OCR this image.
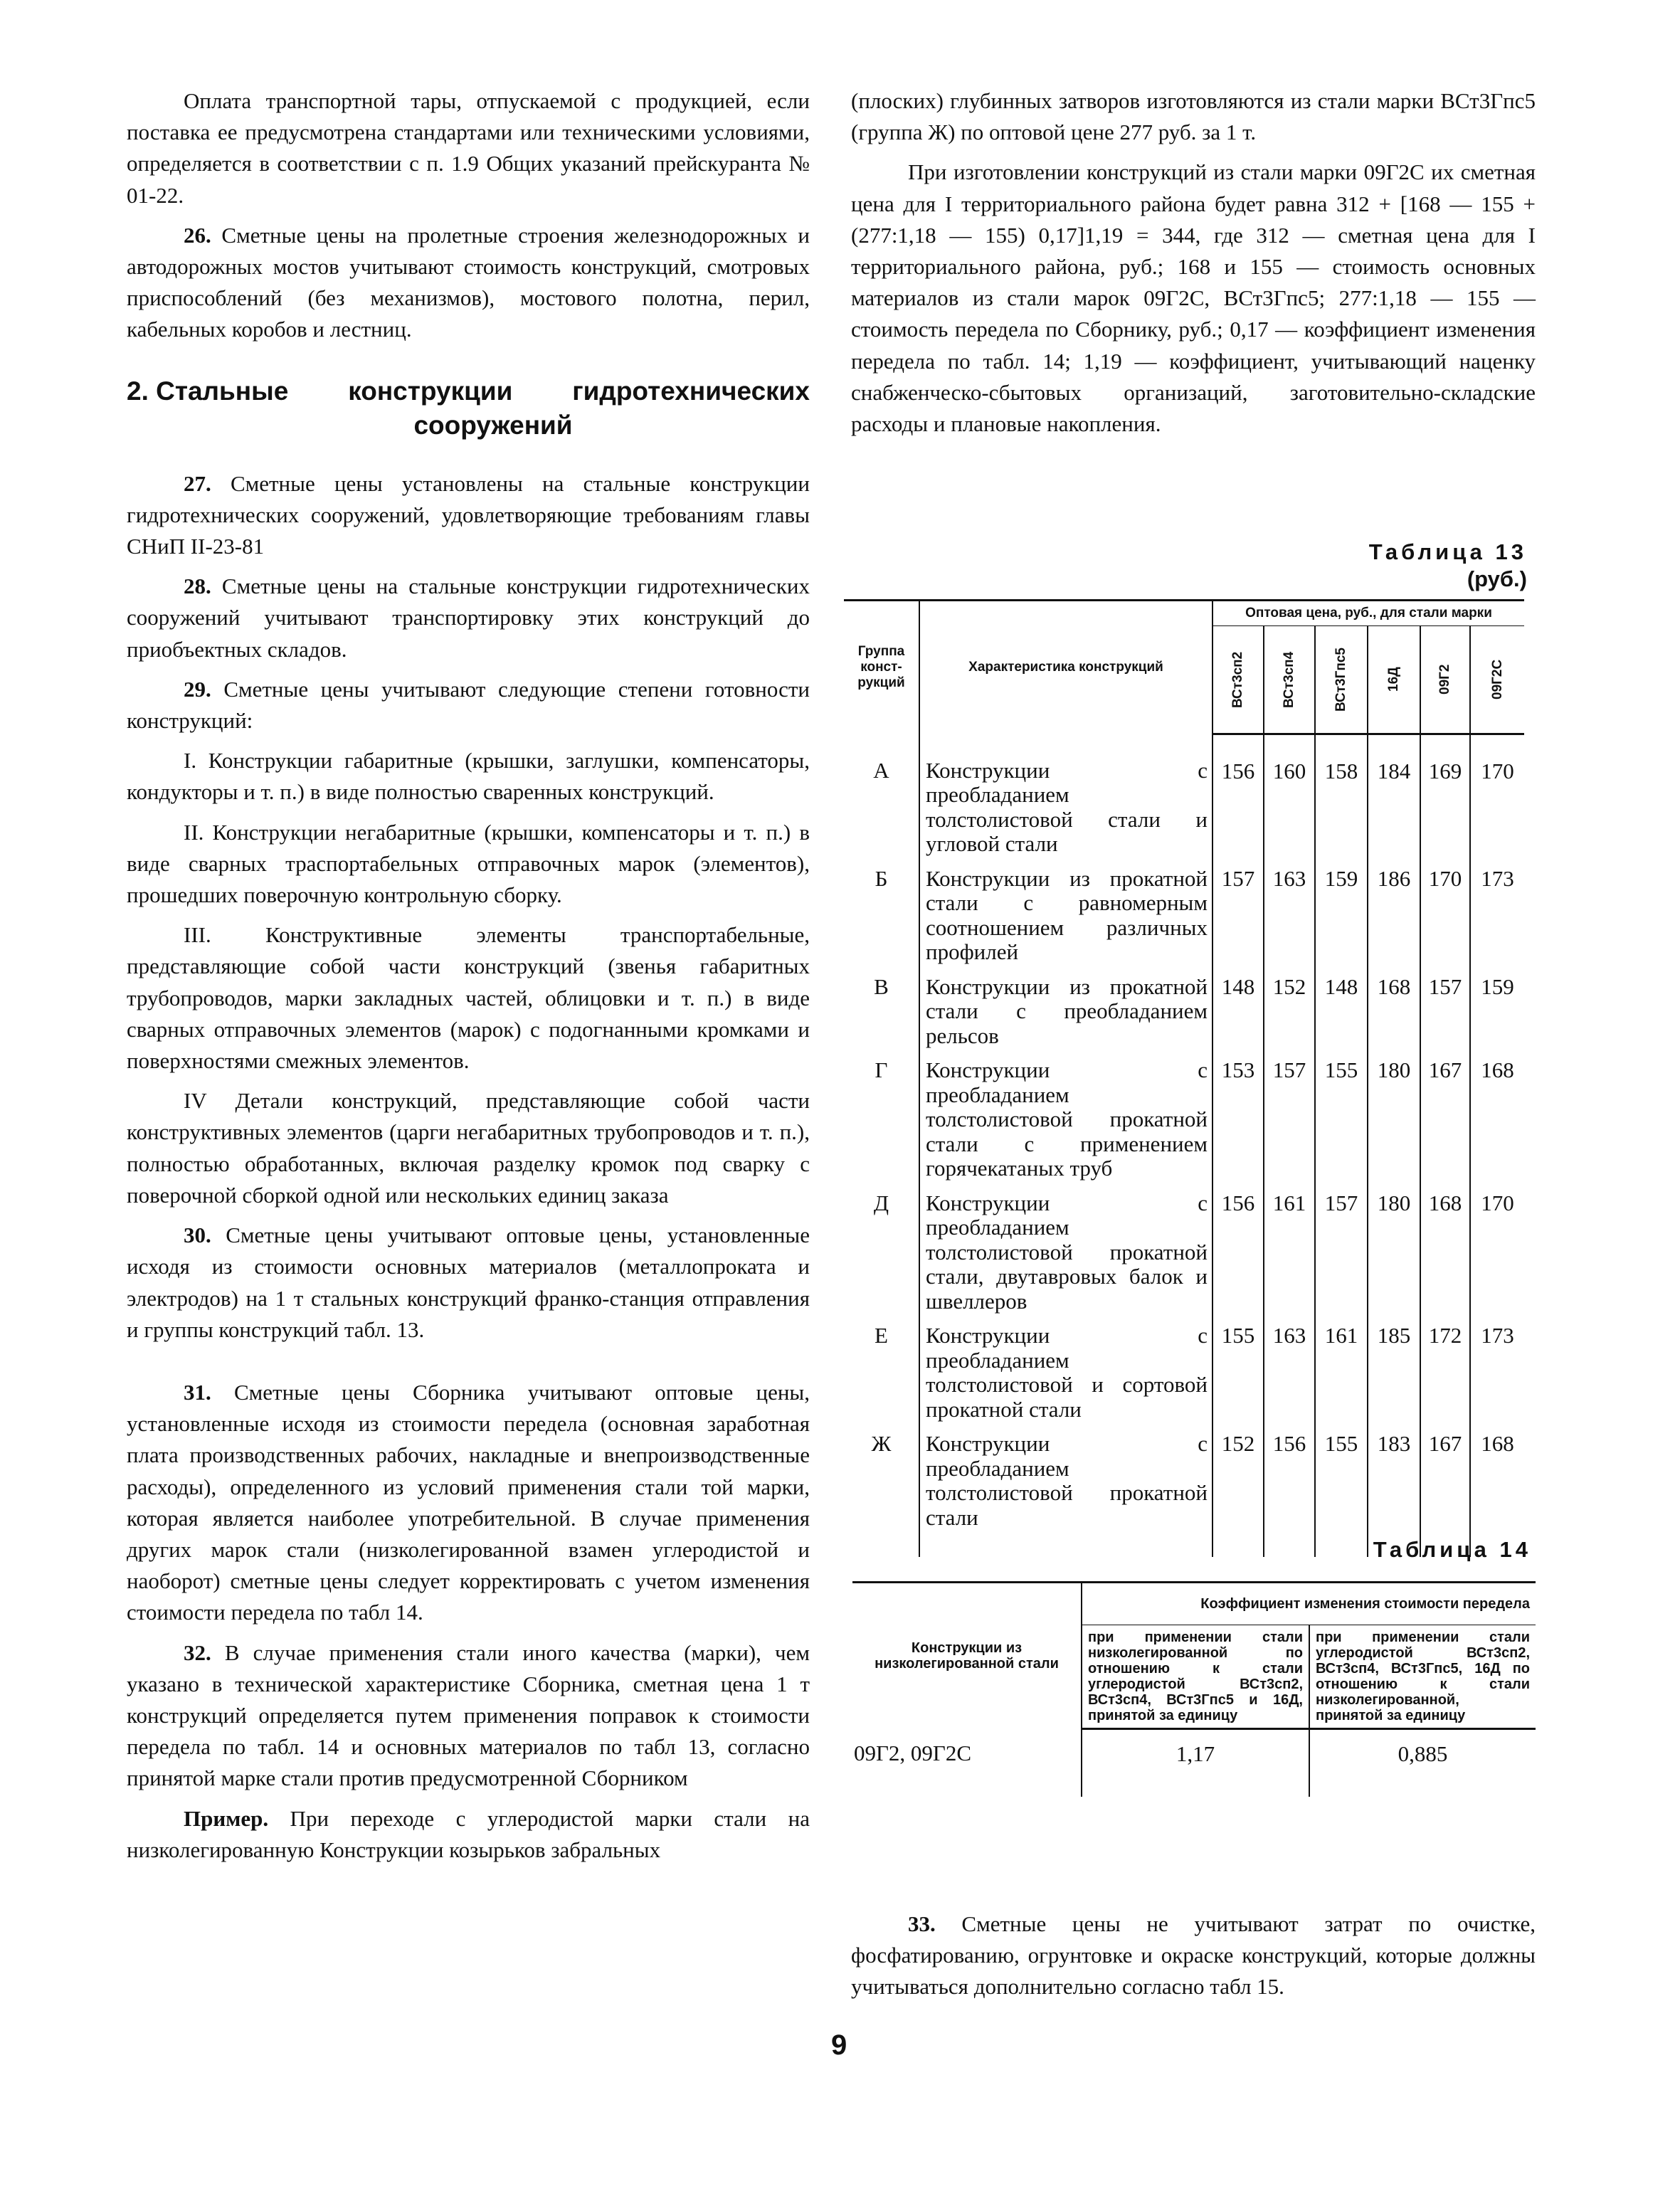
Оплата транспортной тары, отпускаемой с продукцией, если поставка ее предусмотрена стандартами или техническими условиями, определяется в соответствии с п. 1.9 Общих указаний прейскуранта № 01-22.

26. Сметные цены на пролетные строения железнодорожных и автодорожных мостов учитывают стоимость конструкций, смотровых приспособлений (без механизмов), мостового полотна, перил, кабельных коробов и лестниц.

2. Стальные конструкции гидротехнических
сооружений

27. Сметные цены установлены на стальные конструкции гидротехнических сооружений, удовлетворяющие требованиям главы СНиП II-23-81

28. Сметные цены на стальные конструкции гидротехнических сооружений учитывают транспортировку этих конструкций до приобъектных складов.

29. Сметные цены учитывают следующие степени готовности конструкций:

I. Конструкции габаритные (крышки, заглушки, компенсаторы, кондукторы и т. п.) в виде полностью сваренных конструкций.

II. Конструкции негабаритные (крышки, компенсаторы и т. п.) в виде сварных траспортабельных отправочных марок (элементов), прошедших поверочную контрольную сборку.

III. Конструктивные элементы транспортабельные, представляющие собой части конструкций (звенья габаритных трубопроводов, марки закладных частей, облицовки и т. п.) в виде сварных отправочных элементов (марок) с подогнанными кромками и поверхностями смежных элементов.

IV Детали конструкций, представляющие собой части конструктивных элементов (царги негабаритных трубопроводов и т. п.), полностью обработанных, включая разделку кромок под сварку с поверочной сборкой одной или нескольких единиц заказа

30. Сметные цены учитывают оптовые цены, установленные исходя из стоимости основных материалов (металлопроката и электродов) на 1 т стальных конструкций франко-станция отправления и группы конструкций табл. 13.

31. Сметные цены Сборника учитывают оптовые цены, установленные исходя из стоимости передела (основная заработная плата производственных рабочих, накладные и внепроизводственные расходы), определенного из условий применения стали той марки, которая является наиболее употребительной. В случае применения других марок стали (низколегированной взамен углеродистой и наоборот) сметные цены следует корректировать с учетом изменения стоимости передела по табл 14.

32. В случае применения стали иного качества (марки), чем указано в технической характеристике Сборника, сметная цена 1 т конструкций определяется путем применения поправок к стоимости передела по табл. 14 и основных материалов по табл 13, согласно принятой марке стали против предусмотренной Сборником

Пример. При переходе с углеродистой марки стали на низколегированную Конструкции козырьков забральных

(плоских) глубинных затворов изготовляются из стали марки ВСт3Гпс5 (группа Ж) по оптовой цене 277 руб. за 1 т.

При изготовлении конструкций из стали марки 09Г2С их сметная цена для I территориального района будет равна 312 + [168 — 155 + (277:1,18 — 155) 0,17]1,19 = 344, где 312 — сметная цена для I территориального района, руб.; 168 и 155 — стоимость основных материалов из стали марок 09Г2С, ВСт3Гпс5; 277:1,18 — 155 — стоимость передела по Сборнику, руб.; 0,17 — коэффициент изменения передела по табл. 14; 1,19 — коэффициент, учитывающий наценку снабженческо-сбытовых организаций, заготовительно-складские расходы и плановые накопления.

Таблица 13
(руб.)
Группа конст-рукций	Характеристика конструкций	Оптовая цена, руб., для стали марки					

		ВСт3сп2	ВСт3сп4	ВСт3Гпс5	16Д	09Г2	09Г2С

А	Конструкции с преобладанием толстолистовой стали и угловой стали	156	160	158	184	169	170
Б	Конструкции из прокатной стали с равномерным соотношением различных профилей	157	163	159	186	170	173
В	Конструкции из прокатной стали с преобладанием рельсов	148	152	148	168	157	159
Г	Конструкции с преобладанием толстолистовой прокатной стали с применением горячекатаных труб	153	157	155	180	167	168
Д	Конструкции с преобладанием толстолистовой прокатной стали, двутавровых балок и швеллеров	156	161	157	180	168	170
Е	Конструкции с преобладанием толстолистовой и сортовой прокатной стали	155	163	161	185	172	173
Ж	Конструкции с преобладанием толстолистовой прокатной стали	152	156	155	183	167	168
Таблица 14
Конструкции из низколегированной стали	Коэффициент изменения стоимости передела	
	при применении стали низколегированной по отношению к стали углеродистой ВСт3сп2, ВСт3сп4, ВСт3Гпс5 и 16Д, принятой за единицу	при применении стали углеродистой ВСт3сп2, ВСт3сп4, ВСт3Гпс5, 16Д по отношению к стали низколегированной, принятой за единицу
09Г2, 09Г2С	1,17	0,885

33. Сметные цены не учитывают затрат по очистке, фосфатированию, огрунтовке и окраске конструкций, которые должны учитываться дополнительно согласно табл 15.

9
